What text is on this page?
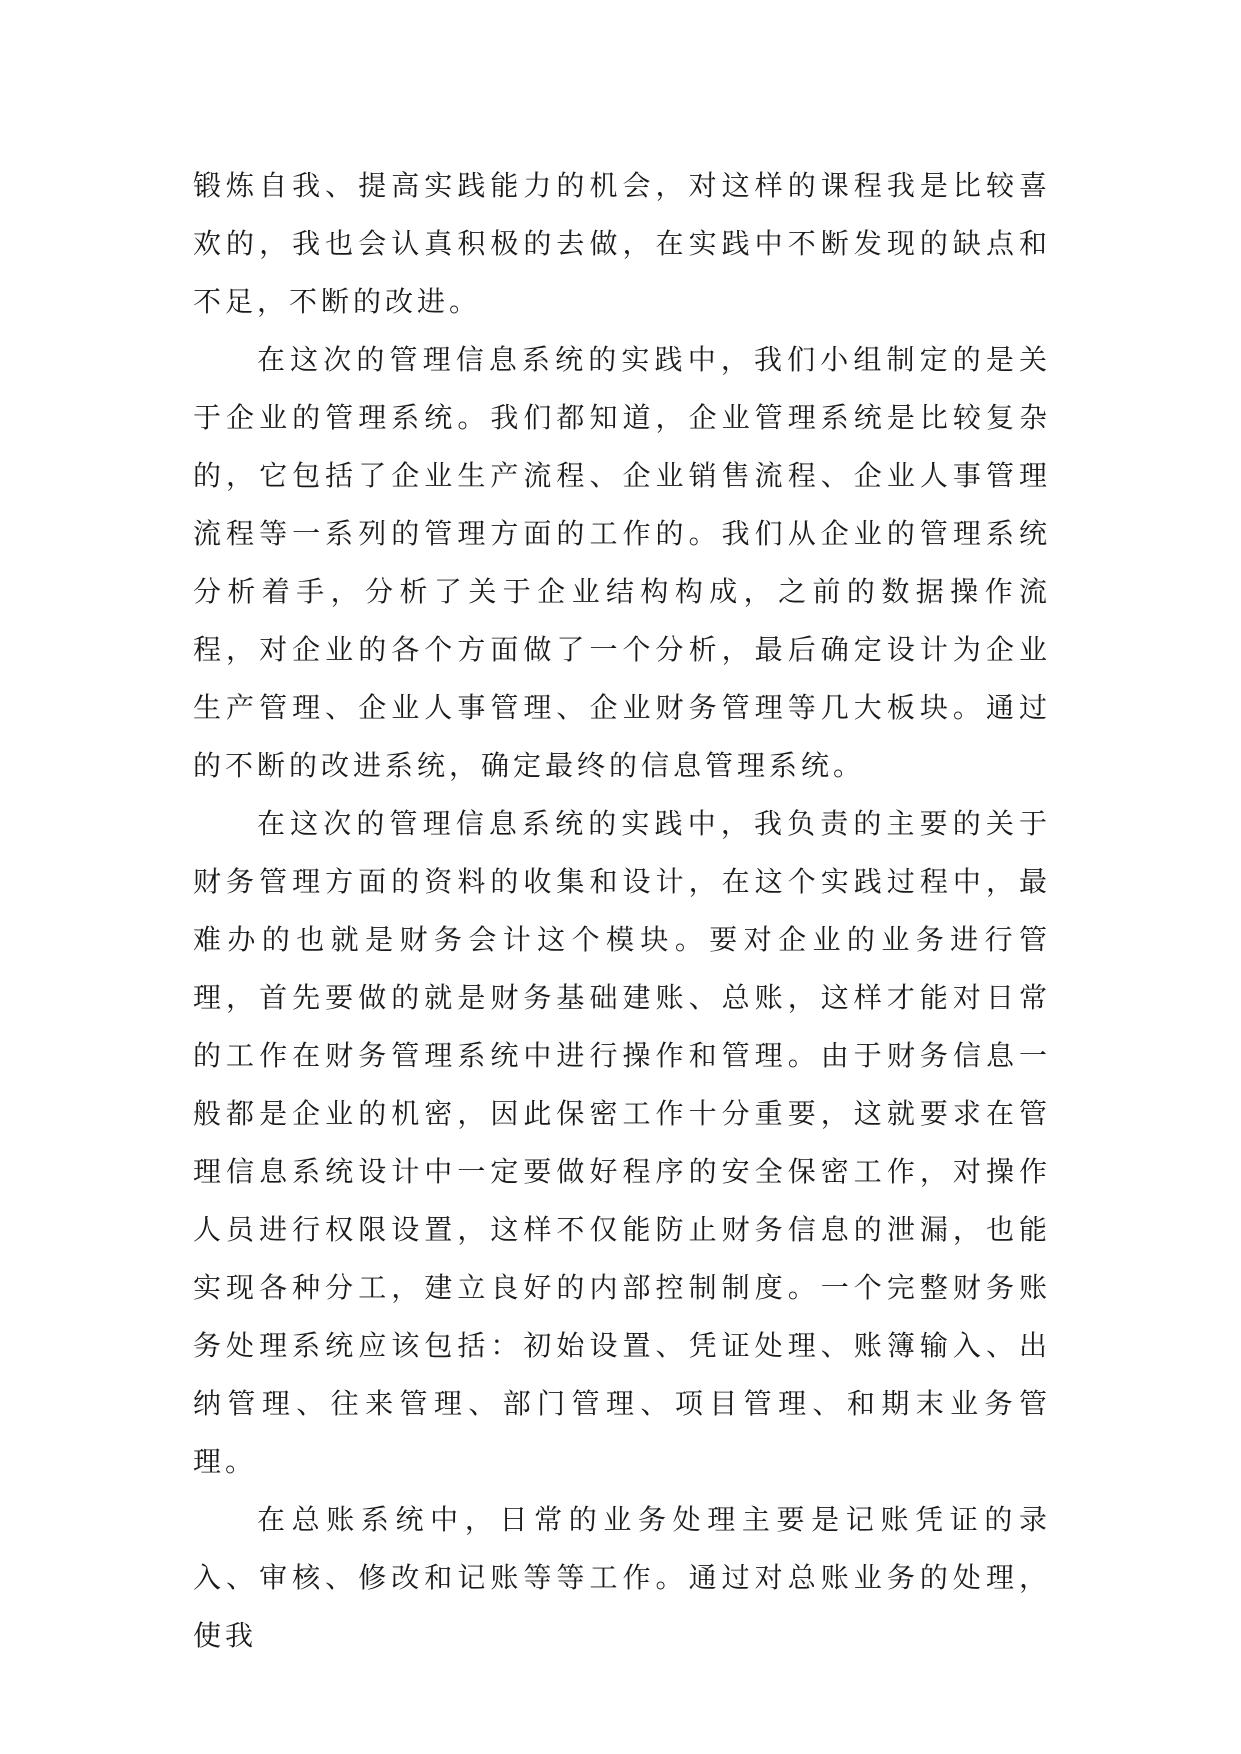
锻炼自我、提高实践能力的机会，对这样的课程我是比较喜欢的，我也会认真积极的去做，在实践中不断发现的缺点和不足，不断的改进。

在这次的管理信息系统的实践中，我们小组制定的是关于企业的管理系统。我们都知道，企业管理系统是比较复杂的，它包括了企业生产流程、企业销售流程、企业人事管理流程等一系列的管理方面的工作的。我们从企业的管理系统分析着手，分析了关于企业结构构成，之前的数据操作流程，对企业的各个方面做了一个分析，最后确定设计为企业生产管理、企业人事管理、企业财务管理等几大板块。通过的不断的改进系统，确定最终的信息管理系统。

在这次的管理信息系统的实践中，我负责的主要的关于财务管理方面的资料的收集和设计，在这个实践过程中，最难办的也就是财务会计这个模块。要对企业的业务进行管理，首先要做的就是财务基础建账、总账，这样才能对日常的工作在财务管理系统中进行操作和管理。由于财务信息一般都是企业的机密，因此保密工作十分重要，这就要求在管理信息系统设计中一定要做好程序的安全保密工作，对操作人员进行权限设置，这样不仅能防止财务信息的泄漏，也能实现各种分工，建立良好的内部控制制度。一个完整财务账务处理系统应该包括：初始设置、凭证处理、账簿输入、出纳管理、往来管理、部门管理、项目管理、和期末业务管理。

在总账系统中，日常的业务处理主要是记账凭证的录入、审核、修改和记账等等工作。通过对总账业务的处理，使我
